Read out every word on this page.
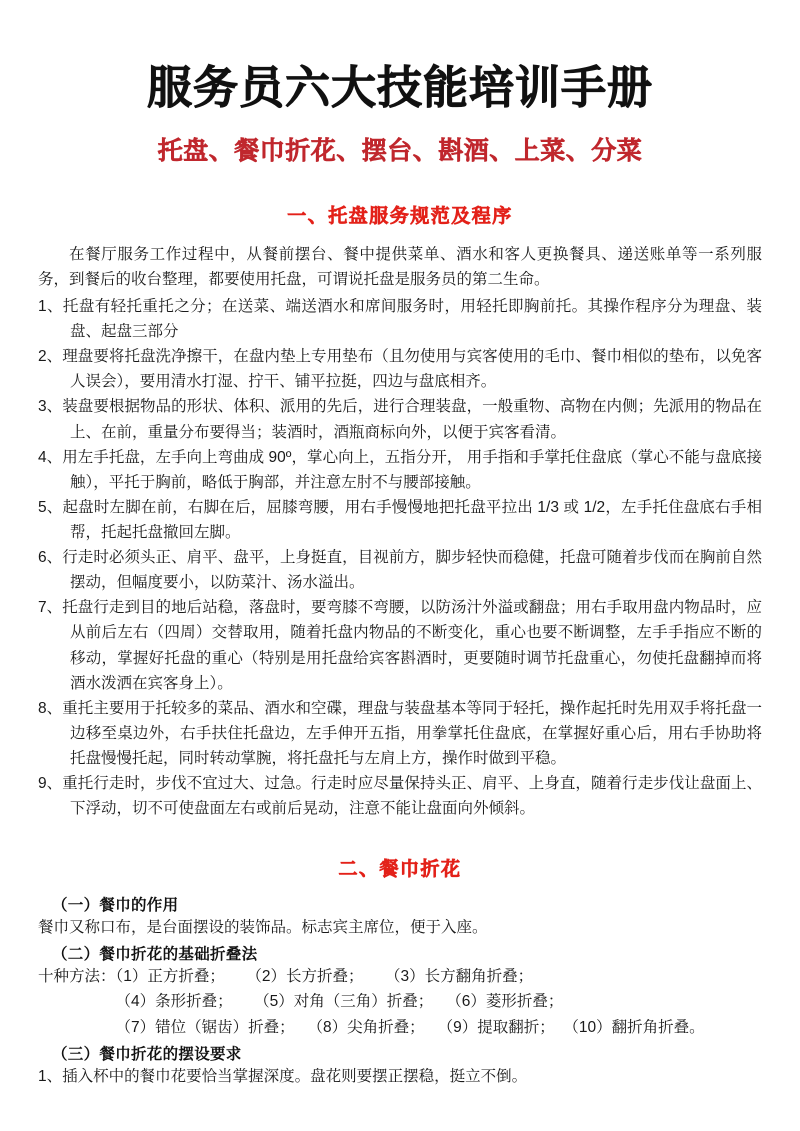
服务员六大技能培训手册
托盘、餐巾折花、摆台、斟酒、上菜、分菜
一、托盘服务规范及程序

在餐厅服务工作过程中，从餐前摆台、餐中提供菜单、酒水和客人更换餐具、递送账单等一系列服务，到餐后的收台整理，都要使用托盘，可谓说托盘是服务员的第二生命。

1、托盘有轻托重托之分；在送菜、端送酒水和席间服务时，用轻托即胸前托。其操作程序分为理盘、装盘、起盘三部分
2、理盘要将托盘洗净擦干，在盘内垫上专用垫布（且勿使用与宾客使用的毛巾、餐巾相似的垫布，以免客人误会），要用清水打湿、拧干、铺平拉挺，四边与盘底相齐。
3、装盘要根据物品的形状、体积、派用的先后，进行合理装盘，一般重物、高物在内侧；先派用的物品在上、在前，重量分布要得当；装酒时，酒瓶商标向外，以便于宾客看清。
4、用左手托盘，左手向上弯曲成 90º，掌心向上，五指分开， 用手指和手掌托住盘底（掌心不能与盘底接触），平托于胸前，略低于胸部，并注意左肘不与腰部接触。
5、起盘时左脚在前，右脚在后，屈膝弯腰，用右手慢慢地把托盘平拉出 1/3 或 1/2，左手托住盘底右手相帮，托起托盘撤回左脚。
6、行走时必须头正、肩平、盘平，上身挺直，目视前方，脚步轻快而稳健，托盘可随着步伐而在胸前自然摆动，但幅度要小，以防菜汁、汤水溢出。
7、托盘行走到目的地后站稳，落盘时，要弯膝不弯腰，以防汤汁外溢或翻盘；用右手取用盘内物品时，应从前后左右（四周）交替取用，随着托盘内物品的不断变化，重心也要不断调整，左手手指应不断的移动，掌握好托盘的重心（特别是用托盘给宾客斟酒时，更要随时调节托盘重心，勿使托盘翻掉而将酒水泼洒在宾客身上）。
8、重托主要用于托较多的菜品、酒水和空碟，理盘与装盘基本等同于轻托，操作起托时先用双手将托盘一边移至桌边外，右手扶住托盘边，左手伸开五指，用拳掌托住盘底，在掌握好重心后，用右手协助将托盘慢慢托起，同时转动掌腕，将托盘托与左肩上方，操作时做到平稳。
9、重托行走时，步伐不宜过大、过急。行走时应尽量保持头正、肩平、上身直，随着行走步伐让盘面上、下浮动，切不可使盘面左右或前后晃动，注意不能让盘面向外倾斜。
二、餐巾折花

（一）餐巾的作用

餐巾又称口布，是台面摆设的装饰品。标志宾主席位，便于入座。

（二）餐巾折花的基础折叠法

十种方法：（1）正方折叠；     （2）长方折叠；     （3）长方翻角折叠；

（4）条形折叠；     （5）对角（三角）折叠；   （6）菱形折叠；

（7）错位（锯齿）折叠；   （8）尖角折叠；   （9）提取翻折；  （10）翻折角折叠。

（三）餐巾折花的摆设要求

1、插入杯中的餐巾花要恰当掌握深度。盘花则要摆正摆稳，挺立不倒。
